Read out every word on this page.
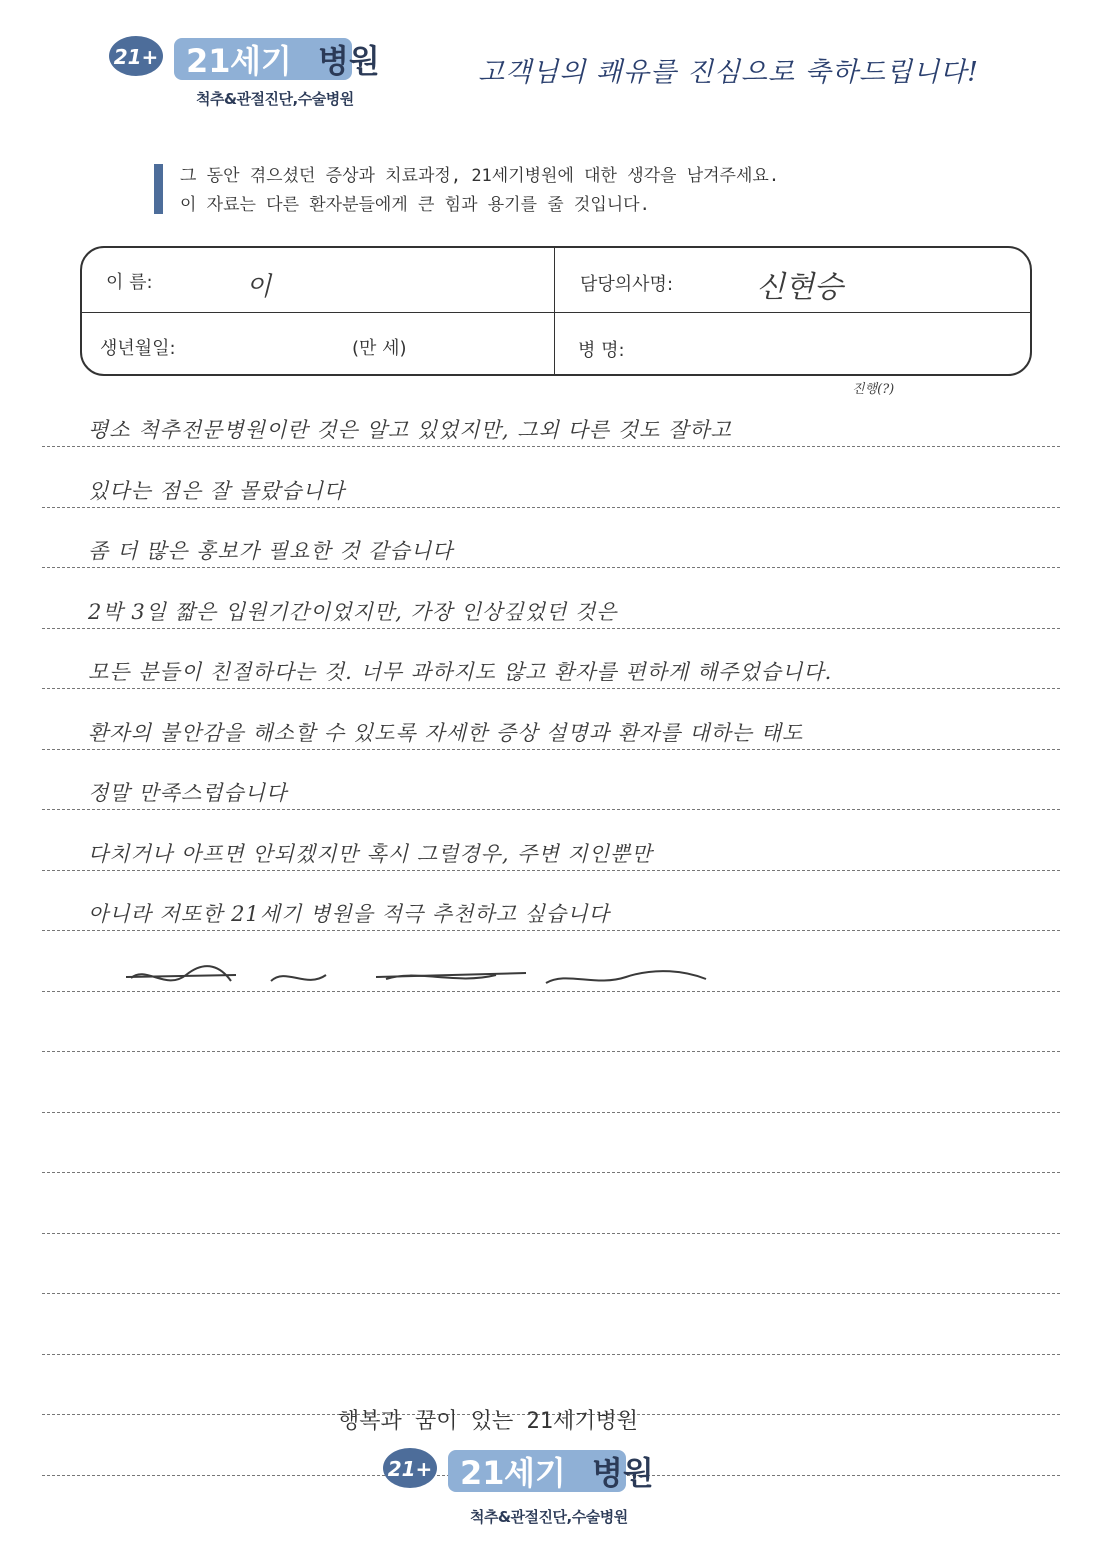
21+ 21 세기 병원
척추&관절진단,수술병원
고객님의 쾌유를 진심으로 축하드립니다!
그 동안 겪으셨던 증상과 치료과정, 21세기병원에 대한 생각을 남겨주세요.
이 자료는 다른 환자분들에게 큰 힘과 용기를 줄 것입니다.
이 름:	이	담당의사명:	신현승
생년월일:	(만 세)	병 명:
진행(?)
평소 척추전문병원이란 것은 알고 있었지만, 그외 다른 것도 잘하고
있다는 점은 잘 몰랐습니다
좀 더 많은 홍보가 필요한 것 같습니다
2박 3일 짧은 입원기간이었지만, 가장 인상깊었던 것은
모든 분들이 친절하다는 것. 너무 과하지도 않고 환자를 편하게 해주었습니다.
환자의 불안감을 해소할 수 있도록 자세한 증상 설명과 환자를 대하는 태도
정말 만족스럽습니다
다치거나 아프면 안되겠지만 혹시 그럴경우, 주변 지인뿐만
아니라 저또한 21세기 병원을 적극 추천하고 싶습니다
행복과 꿈이 있는 21세기병원
21+ 21 세기 병원
척추&관절진단,수술병원
